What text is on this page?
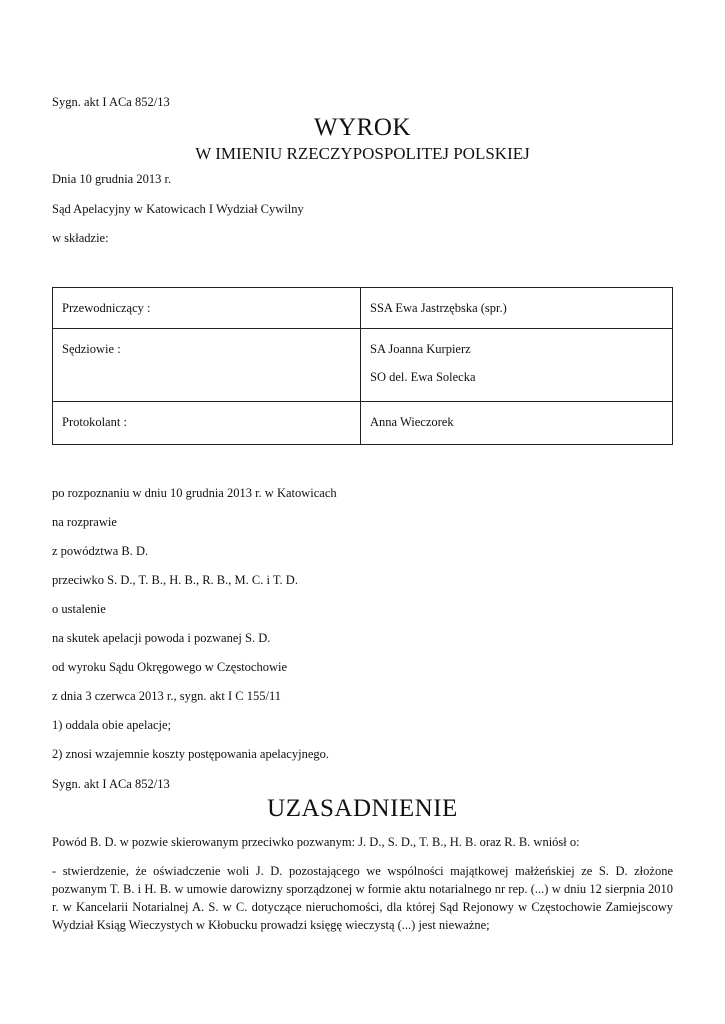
Sygn. akt I ACa 852/13
WYROK
W IMIENIU RZECZYPOSPOLITEJ POLSKIEJ
Dnia 10 grudnia 2013 r.
Sąd Apelacyjny w Katowicach I Wydział Cywilny
w składzie:
Przewodniczący :	SSA Ewa Jastrzębska (spr.)

Sędziowie :	SA Joanna Kurpierz
SO del. Ewa Solecka

Protokolant :	Anna Wieczorek
po rozpoznaniu w dniu 10 grudnia 2013 r. w Katowicach
na rozprawie
z powództwa B. D.
przeciwko S. D., T. B., H. B., R. B., M. C. i T. D.
o ustalenie
na skutek apelacji powoda i pozwanej S. D.
od wyroku Sądu Okręgowego w Częstochowie
z dnia 3 czerwca 2013 r., sygn. akt I C 155/11
1) oddala obie apelacje;
2) znosi wzajemnie koszty postępowania apelacyjnego.
Sygn. akt I ACa 852/13
UZASADNIENIE
Powód B. D. w pozwie skierowanym przeciwko pozwanym: J. D., S. D., T. B., H. B. oraz R. B. wniósł o:
- stwierdzenie, że oświadczenie woli J. D. pozostającego we wspólności majątkowej małżeńskiej ze S. D. złożone pozwanym T. B. i H. B. w umowie darowizny sporządzonej w formie aktu notarialnego nr rep. (...) w dniu 12 sierpnia 2010 r. w Kancelarii Notarialnej A. S. w C. dotyczące nieruchomości, dla której Sąd Rejonowy w Częstochowie Zamiejscowy Wydział Ksiąg Wieczystych w Kłobucku prowadzi księgę wieczystą (...) jest nieważne;
